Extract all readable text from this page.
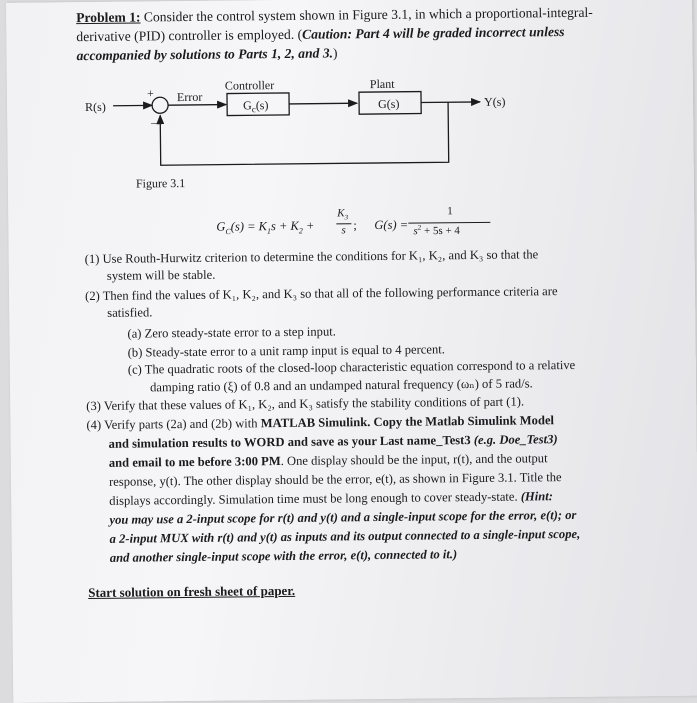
Problem 1: Consider the control system shown in Figure 3.1, in which a proportional-integral-
derivative (PID) controller is employed. (Caution: Part 4 will be graded incorrect unless
accompanied by solutions to Parts 1, 2, and 3.)
R(s)
+
−
Error
Controller
$G_c(s)$
Plant
G(s)	Y(s)
Figure 3.1
$G_C(s) = K_1s + K_2$ +
$K_3$
s ; G(s) =
1
$s^2 + 5s + 4$
(1) Use Routh-Hurwitz criterion to determine the conditions for K₁, K₂, and K₃ so that the
system will be stable.
(2) Then find the values of K₁, K₂, and K₃ so that all of the following performance criteria are
satisfied.
(a) Zero steady-state error to a step input.
(b) Steady-state error to a unit ramp input is equal to 4 percent.
(c) The quadratic roots of the closed-loop characteristic equation correspond to a relative
damping ratio (ξ) of 0.8 and an undamped natural frequency (ωₙ) of 5 rad/s.
(3) Verify that these values of K₁, K₂, and K₃ satisfy the stability conditions of part (1).
(4) Verify parts (2a) and (2b) with MATLAB Simulink. Copy the Matlab Simulink Model
and simulation results to WORD and save as your Last name_Test3 (e.g. Doe_Test3)
and email to me before 3:00 PM. One display should be the input, r(t), and the output
response, y(t). The other display should be the error, e(t), as shown in Figure 3.1. Title the
displays accordingly. Simulation time must be long enough to cover steady-state. (Hint:
you may use a 2-input scope for r(t) and y(t) and a single-input scope for the error, e(t); or
a 2-input MUX with r(t) and y(t) as inputs and its output connected to a single-input scope,
and another single-input scope with the error, e(t), connected to it.)
Start solution on fresh sheet of paper.
